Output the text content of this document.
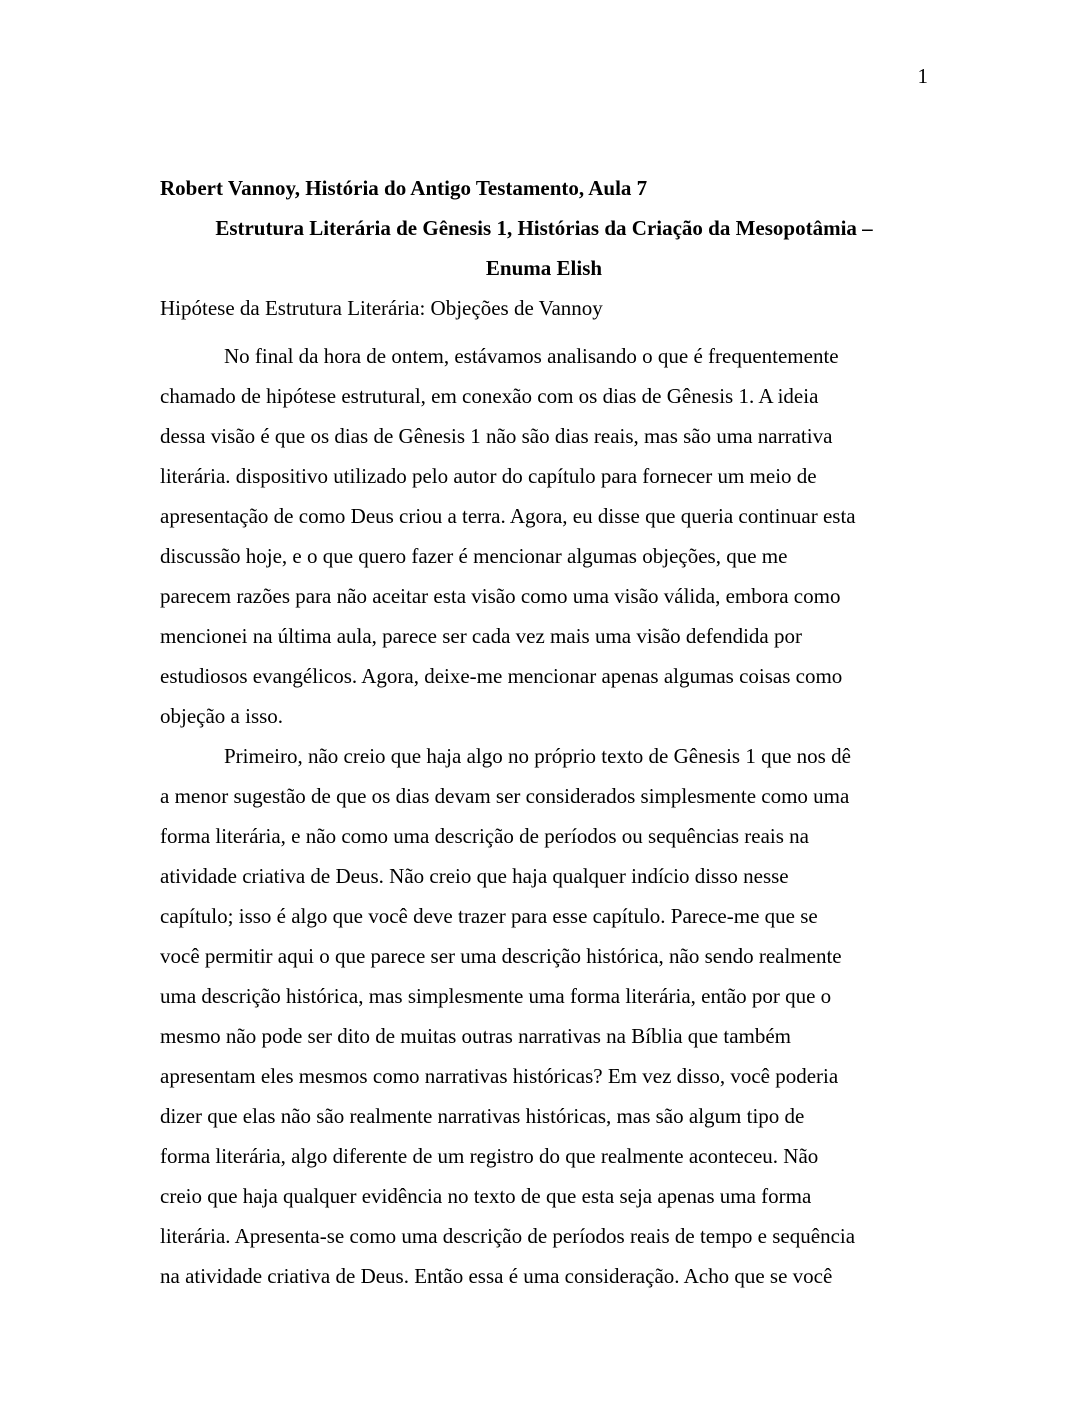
1
Robert Vannoy, História do Antigo Testamento, Aula 7
Estrutura Literária de Gênesis 1, Histórias da Criação da Mesopotâmia –
Enuma Elish
Hipótese da Estrutura Literária: Objeções de Vannoy
No final da hora de ontem, estávamos analisando o que é frequentemente
chamado de hipótese estrutural, em conexão com os dias de Gênesis 1. A ideia
dessa visão é que os dias de Gênesis 1 não são dias reais, mas são uma narrativa
literária. dispositivo utilizado pelo autor do capítulo para fornecer um meio de
apresentação de como Deus criou a terra. Agora, eu disse que queria continuar esta
discussão hoje, e o que quero fazer é mencionar algumas objeções, que me
parecem razões para não aceitar esta visão como uma visão válida, embora como
mencionei na última aula, parece ser cada vez mais uma visão defendida por
estudiosos evangélicos. Agora, deixe-me mencionar apenas algumas coisas como
objeção a isso.
Primeiro, não creio que haja algo no próprio texto de Gênesis 1 que nos dê
a menor sugestão de que os dias devam ser considerados simplesmente como uma
forma literária, e não como uma descrição de períodos ou sequências reais na
atividade criativa de Deus. Não creio que haja qualquer indício disso nesse
capítulo; isso é algo que você deve trazer para esse capítulo. Parece-me que se
você permitir aqui o que parece ser uma descrição histórica, não sendo realmente
uma descrição histórica, mas simplesmente uma forma literária, então por que o
mesmo não pode ser dito de muitas outras narrativas na Bíblia que também
apresentam eles mesmos como narrativas históricas? Em vez disso, você poderia
dizer que elas não são realmente narrativas históricas, mas são algum tipo de
forma literária, algo diferente de um registro do que realmente aconteceu. Não
creio que haja qualquer evidência no texto de que esta seja apenas uma forma
literária. Apresenta-se como uma descrição de períodos reais de tempo e sequência
na atividade criativa de Deus. Então essa é uma consideração. Acho que se você
